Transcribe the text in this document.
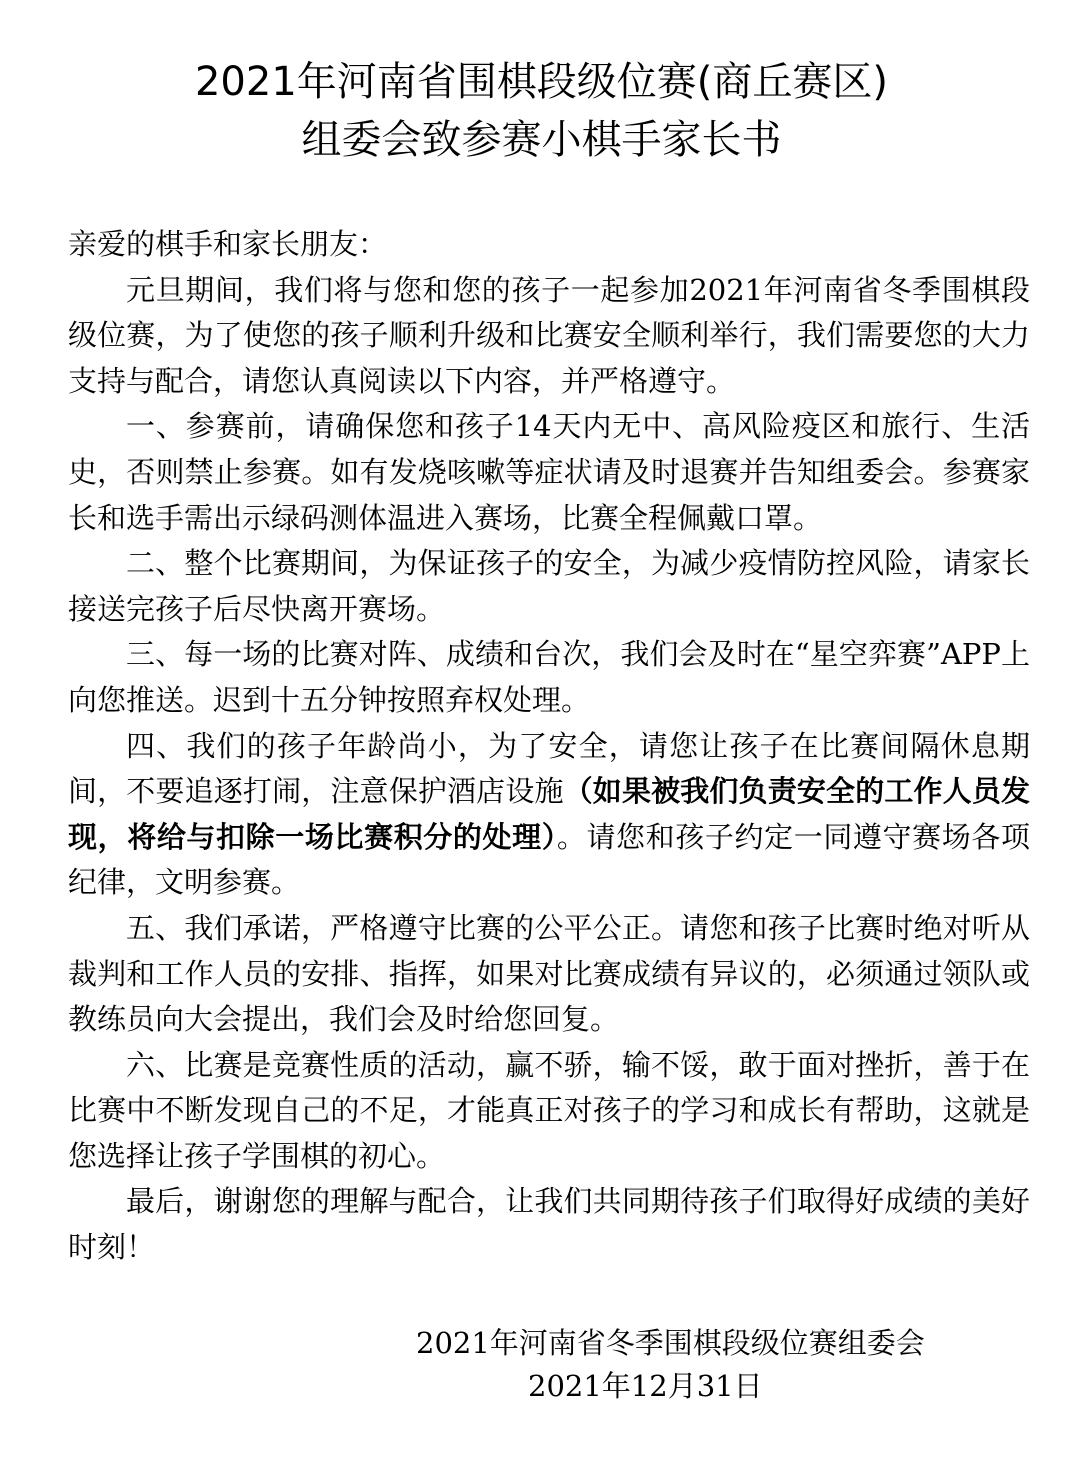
2021年河南省围棋段级位赛(商丘赛区)
组委会致参赛小棋手家长书

亲爱的棋手和家长朋友：

元旦期间，我们将与您和您的孩子一起参加2021年河南省冬季围棋段级位赛，为了使您的孩子顺利升级和比赛安全顺利举行，我们需要您的大力支持与配合，请您认真阅读以下内容，并严格遵守。

一、参赛前，请确保您和孩子14天内无中、高风险疫区和旅行、生活史，否则禁止参赛。如有发烧咳嗽等症状请及时退赛并告知组委会。参赛家长和选手需出示绿码测体温进入赛场，比赛全程佩戴口罩。

二、整个比赛期间，为保证孩子的安全，为减少疫情防控风险，请家长接送完孩子后尽快离开赛场。

三、每一场的比赛对阵、成绩和台次，我们会及时在“星空弈赛”APP上向您推送。迟到十五分钟按照弃权处理。

四、我们的孩子年龄尚小，为了安全，请您让孩子在比赛间隔休息期间，不要追逐打闹，注意保护酒店设施（如果被我们负责安全的工作人员发现，将给与扣除一场比赛积分的处理）。请您和孩子约定一同遵守赛场各项纪律，文明参赛。

五、我们承诺，严格遵守比赛的公平公正。请您和孩子比赛时绝对听从裁判和工作人员的安排、指挥，如果对比赛成绩有异议的，必须通过领队或教练员向大会提出，我们会及时给您回复。

六、比赛是竞赛性质的活动，赢不骄，输不馁，敢于面对挫折，善于在比赛中不断发现自己的不足，才能真正对孩子的学习和成长有帮助，这就是您选择让孩子学围棋的初心。

最后，谢谢您的理解与配合，让我们共同期待孩子们取得好成绩的美好时刻！

2021年河南省冬季围棋段级位赛组委会
2021年12月31日
